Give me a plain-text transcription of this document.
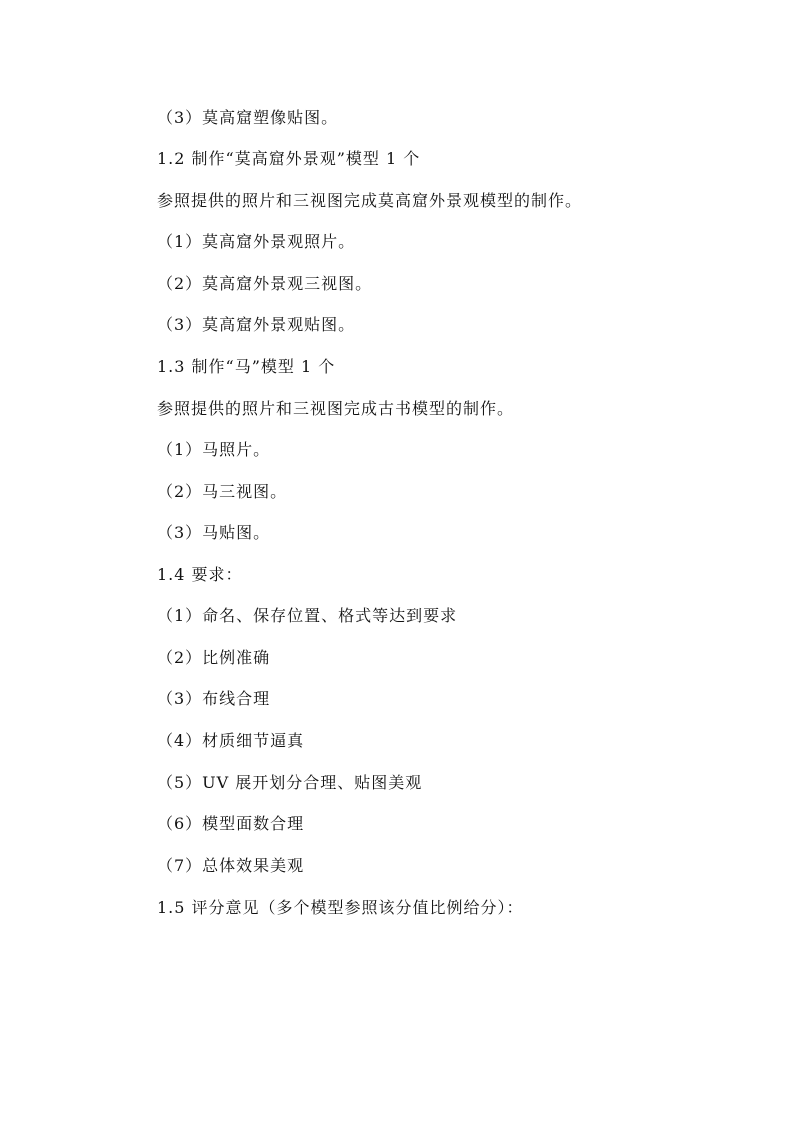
（3）莫高窟塑像贴图。
1.2 制作“莫高窟外景观”模型 1 个
参照提供的照片和三视图完成莫高窟外景观模型的制作。
（1）莫高窟外景观照片。
（2）莫高窟外景观三视图。
（3）莫高窟外景观贴图。
1.3 制作“马”模型 1 个
参照提供的照片和三视图完成古书模型的制作。
（1）马照片。
（2）马三视图。
（3）马贴图。
1.4 要求：
（1）命名、保存位置、格式等达到要求
（2）比例准确
（3）布线合理
（4）材质细节逼真
（5）UV 展开划分合理、贴图美观
（6）模型面数合理
（7）总体效果美观
1.5 评分意见（多个模型参照该分值比例给分）：
